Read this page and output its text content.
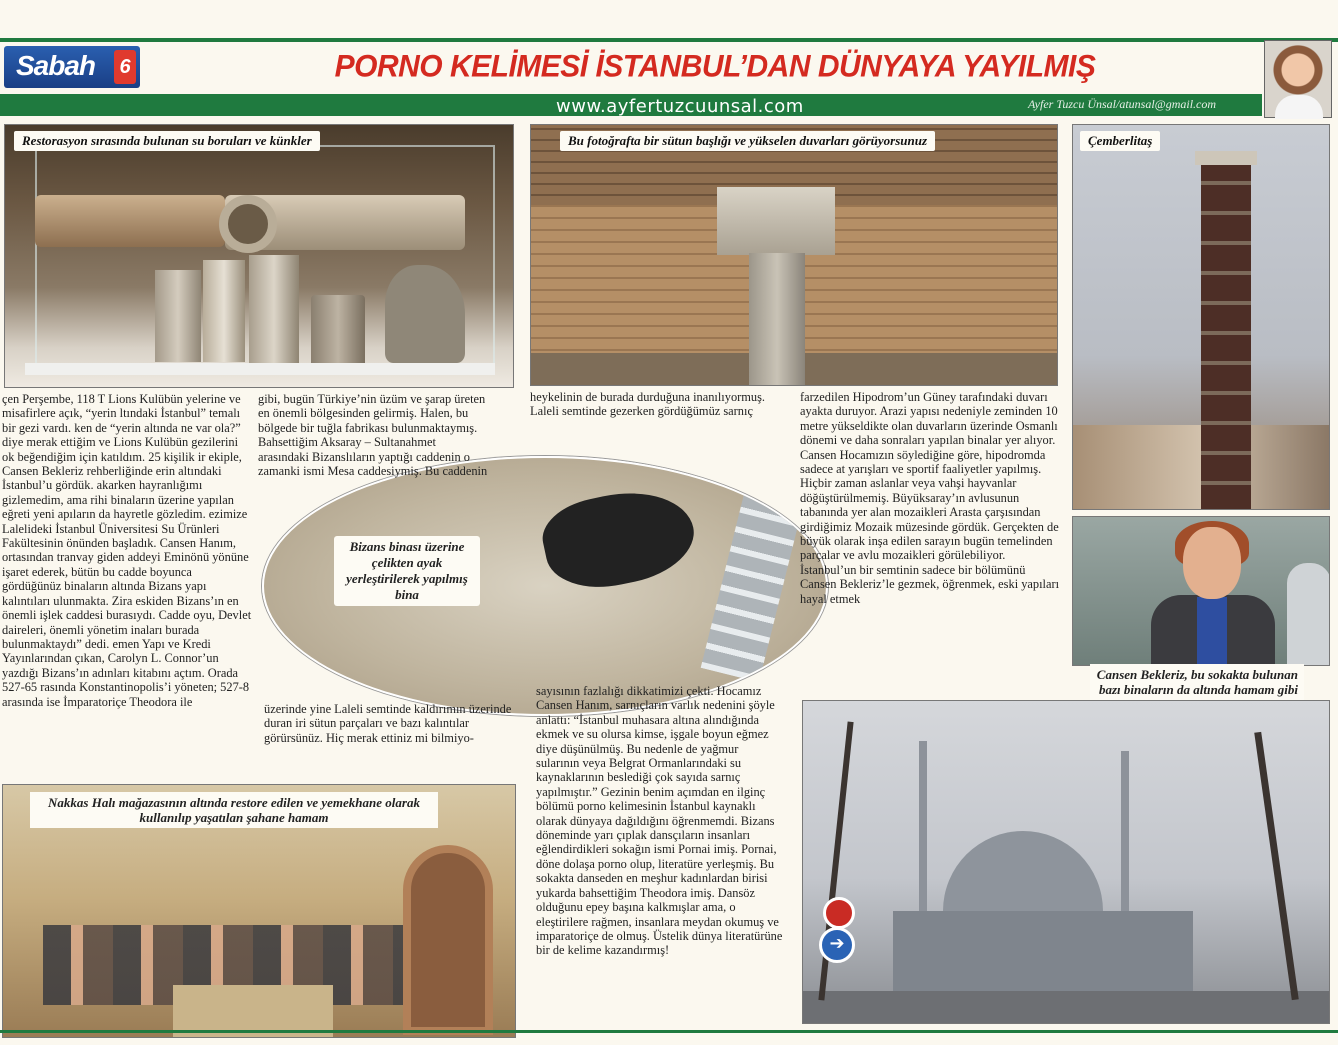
Sabah 6	PORNO KELİMESİ İSTANBUL’DAN DÜNYAYA YAYILMIŞ
www.ayfertuzcuunsal.com	Ayfer Tuzcu Ünsal/atunsal@gmail.com
Restorasyon sırasında bulunan su boruları ve künkler	Bu fotoğrafta bir sütun başlığı ve yükselen duvarları görüyorsunuz	Çemberlitaş
Cansen Bekleriz, bu sokakta bulunan bazı binaların da altında hamam gibi
➔
Bizans binası üzerine çelikten ayak yerleştirilerek yapılmış bina
Nakkas Halı mağazasının altında restore edilen ve yemekhane olarak kullanılıp yaşatılan şahane hamam

çen Perşembe, 118 T Lions Kulübün yelerine ve misafirlere açık, “yerin ltındaki İstanbul” temalı bir gezi vardı. ken de “yerin altında ne var ola?” diye merak ettiğim ve Lions Kulübün gezilerini ok beğendiğim için katıldım. 25 kişilik ir ekiple, Cansen Bekleriz rehberliğinde erin altındaki İstanbul’u gördük. akarken hayranlığımı gizlemedim, ama rihi binaların üzerine yapılan eğreti yeni apıların da hayretle gözledim. ezimize Lalelideki İstanbul Üniversitesi Su Ürünleri Fakültesinin önünden başladık. Cansen Hanım, ortasından tranvay giden addeyi Eminönü yönüne işaret ederek, bütün bu cadde boyunca gördüğünüz binaların altında Bizans yapı kalıntıları ulunmakta. Zira eskiden Bizans’ın en önemli işlek caddesi burasıydı. Cadde oyu, Devlet daireleri, önemli yönetim inaları burada bulunmaktaydı” dedi. emen Yapı ve Kredi Yayınlarından çıkan, Carolyn L. Connor’un yazdığı Bizans’ın adınları kitabını açtım. Orada 527-65 rasında Konstantinopolis’i yöneten; 527-8 arasında ise İmparatoriçe Theodora ile

gibi, bugün Türkiye’nin üzüm ve şarap üreten en önemli bölgesinden gelirmiş. Halen, bu bölgede bir tuğla fabrikası bulunmaktaymış. Bahsettiğim Aksaray – Sultanahmet arasındaki Bizanslıların yaptığı caddenin o zamanki ismi Mesa caddesiymiş. Bu caddenin

üzerinde yine Laleli semtinde kaldırımın üzerinde duran iri sütun parçaları ve bazı kalıntılar görürsünüz. Hiç merak ettiniz mi bilmiyo-

heykelinin de burada durduğuna inanılıyormuş. Laleli semtinde gezerken gördüğümüz sarnıç

sayısının fazlalığı dikkatimizi çekti. Hocamız Cansen Hanım, sarnıçların varlık nedenini şöyle anlattı: “İstanbul muhasara altına alındığında ekmek ve su olursa kimse, işgale boyun eğmez diye düşünülmüş. Bu nedenle de yağmur sularının veya Belgrat Ormanlarındaki su kaynaklarının beslediği çok sayıda sarnıç yapılmıştır.” Gezinin benim açımdan en ilginç bölümü porno kelimesinin İstanbul kaynaklı olarak dünyaya dağıldığını öğrenmemdi. Bizans döneminde yarı çıplak dansçıların insanları eğlendirdikleri sokağın ismi Pornai imiş. Pornai, döne dolaşa porno olup, literatüre yerleşmiş. Bu sokakta danseden en meşhur kadınlardan birisi yukarda bahsettiğim Theodora imiş. Dansöz olduğunu epey başına kalkmışlar ama, o eleştirilere rağmen, insanlara meydan okumuş ve imparatoriçe de olmuş. Üstelik dünya literatürüne bir de kelime kazandırmış!

farzedilen Hipodrom’un Güney tarafındaki duvarı ayakta duruyor. Arazi yapısı nedeniyle zeminden 10 metre yükseldikte olan duvarların üzerinde Osmanlı dönemi ve daha sonraları yapılan binalar yer alıyor. Cansen Hocamızın söylediğine göre, hipodromda sadece at yarışları ve sportif faaliyetler yapılmış. Hiçbir zaman aslanlar veya vahşi hayvanlar döğüştürülmemiş. Büyüksaray’ın avlusunun tabanında yer alan mozaikleri Arasta çarşısından girdiğimiz Mozaik müzesinde gördük. Gerçekten de büyük olarak inşa edilen sarayın bugün temelinden parçalar ve avlu mozaikleri görülebiliyor. İstanbul’un bir semtinin sadece bir bölümünü Cansen Bekleriz’le gezmek, öğrenmek, eski yapıları hayal etmek
